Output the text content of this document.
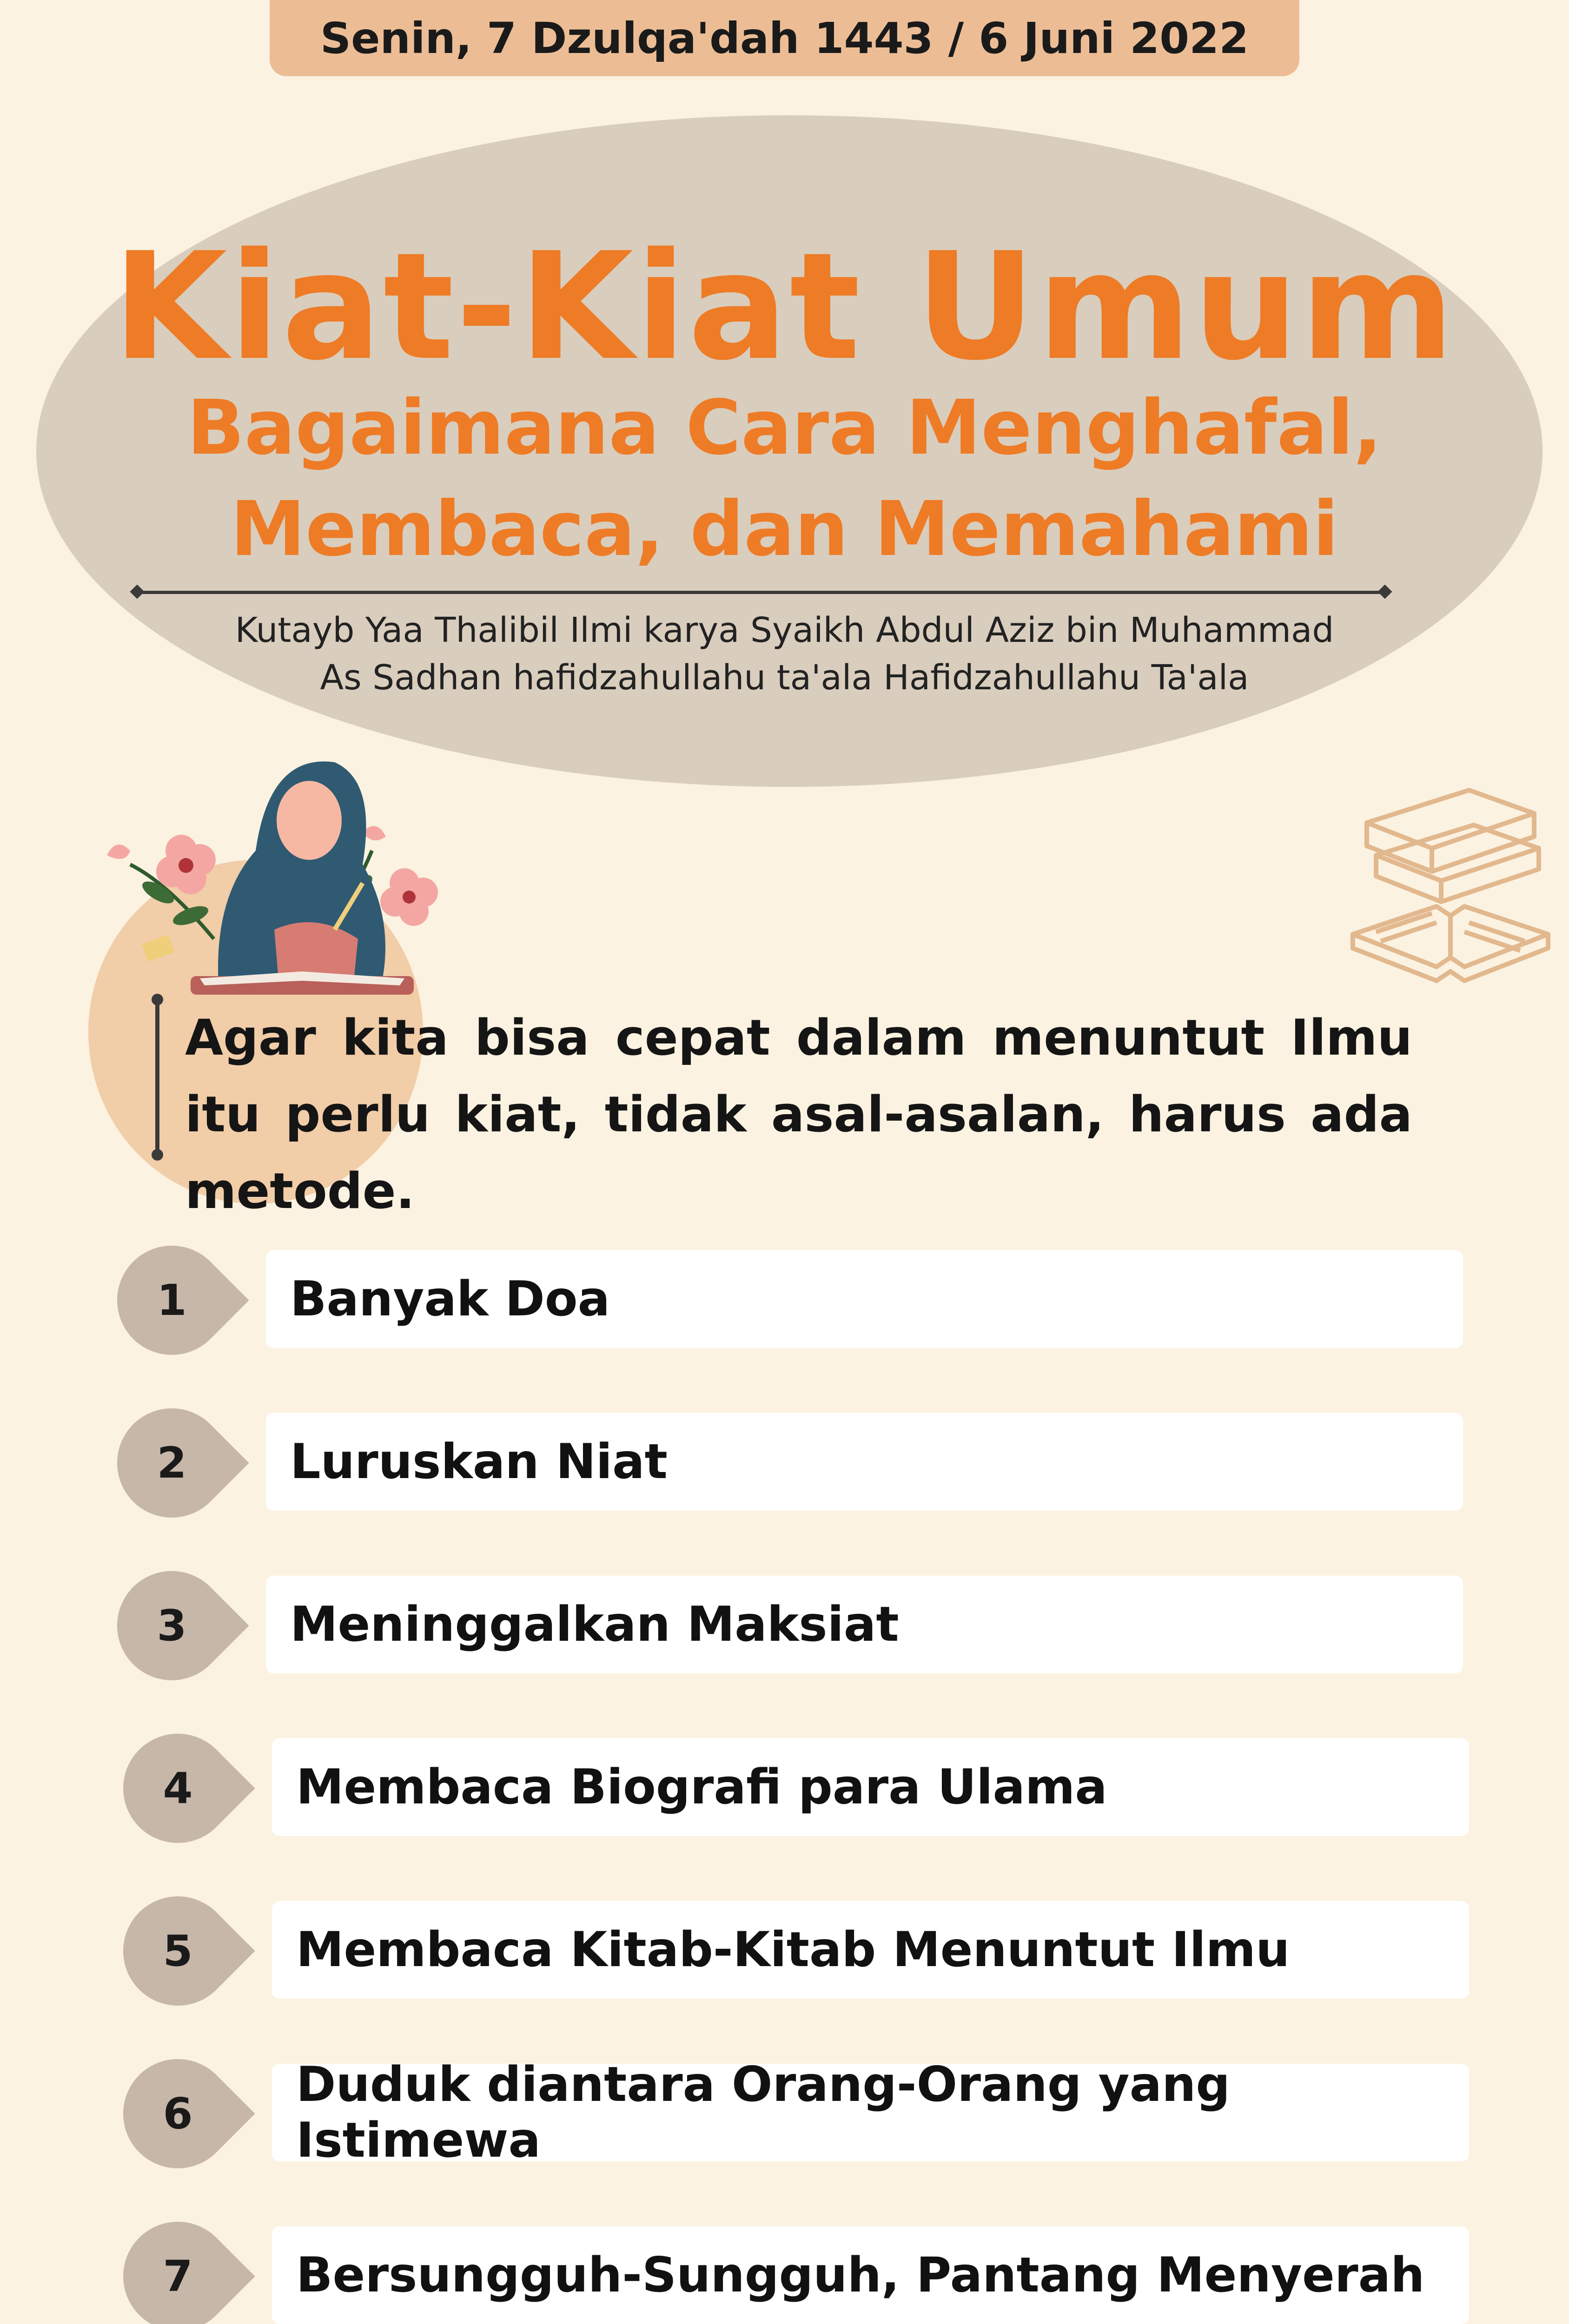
Senin, 7 Dzulqa'dah 1443 / 6 Juni 2022
Kiat-Kiat Umum
Bagaimana Cara Menghafal,
Membaca, dan Memahami
Kutayb Yaa Thalibil Ilmi karya Syaikh Abdul Aziz bin Muhammad
As Sadhan hafidzahullahu ta'ala Hafidzahullahu Ta'ala

Agar kita bisa cepat dalam menuntut Ilmu itu perlu kiat, tidak asal-asalan, harus ada metode.

1	Banyak Doa
2	Luruskan Niat
3	Meninggalkan Maksiat
4	Membaca Biografi para Ulama
5	Membaca Kitab-Kitab Menuntut Ilmu
6
Duduk diantara Orang-Orang yang Istimewa
7	Bersungguh-Sungguh, Pantang Menyerah
